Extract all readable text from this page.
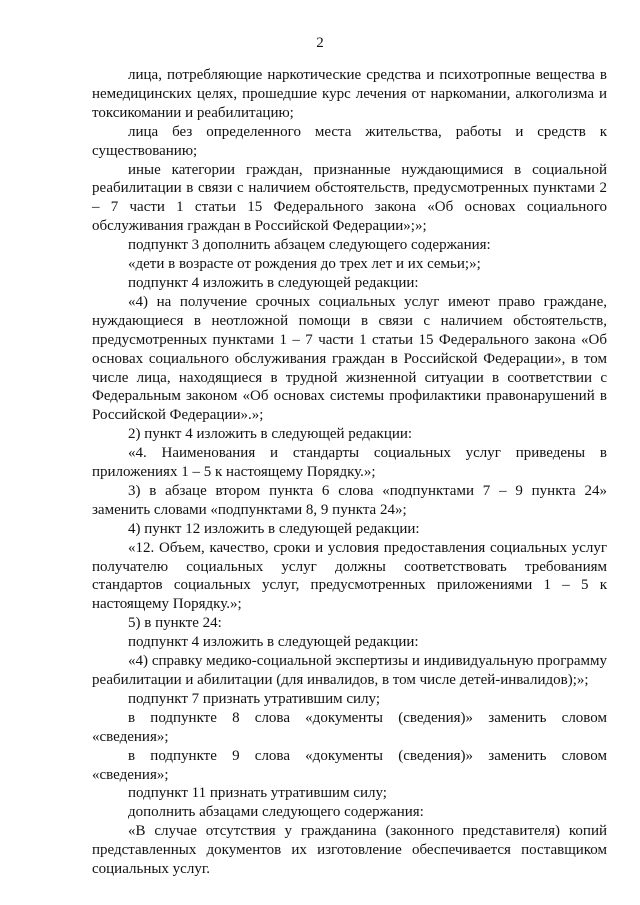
2

лица, потребляющие наркотические средства и психотропные вещества в немедицинских целях, прошедшие курс лечения от наркомании, алкоголизма и токсикомании и реабилитацию;

лица без определенного места жительства, работы и средств к существованию;

иные категории граждан, признанные нуждающимися в социальной реабилитации в связи с наличием обстоятельств, предусмотренных пунктами 2 – 7 части 1 статьи 15 Федерального закона «Об основах социального обслуживания граждан в Российской Федерации»;»;

подпункт 3 дополнить абзацем следующего содержания:

«дети в возрасте от рождения до трех лет и их семьи;»;

подпункт 4 изложить в следующей редакции:

«4) на получение срочных социальных услуг имеют право граждане, нуждающиеся в неотложной помощи в связи с наличием обстоятельств, предусмотренных пунктами 1 – 7 части 1 статьи 15 Федерального закона «Об основах социального обслуживания граждан в Российской Федерации», в том числе лица, находящиеся в трудной жизненной ситуации в соответствии с Федеральным законом «Об основах системы профилактики правонарушений в Российской Федерации».»;

2) пункт 4 изложить в следующей редакции:

«4. Наименования и стандарты социальных услуг приведены в приложениях 1 – 5 к настоящему Порядку.»;

3) в абзаце втором пункта 6 слова «подпунктами 7 – 9 пункта 24» заменить словами «подпунктами 8, 9 пункта 24»;

4) пункт 12 изложить в следующей редакции:

«12. Объем, качество, сроки и условия предоставления социальных услуг получателю социальных услуг должны соответствовать требованиям стандартов социальных услуг, предусмотренных приложениями 1 – 5 к настоящему Порядку.»;

5) в пункте 24:

подпункт 4 изложить в следующей редакции:

«4) справку медико-социальной экспертизы и индивидуальную программу реабилитации и абилитации (для инвалидов, в том числе детей-инвалидов);»;

подпункт 7 признать утратившим силу;

в подпункте 8 слова «документы (сведения)» заменить словом «сведения»;

в подпункте 9 слова «документы (сведения)» заменить словом «сведения»;

подпункт 11 признать утратившим силу;

дополнить абзацами следующего содержания:

«В случае отсутствия у гражданина (законного представителя) копий представленных документов их изготовление обеспечивается поставщиком социальных услуг.
